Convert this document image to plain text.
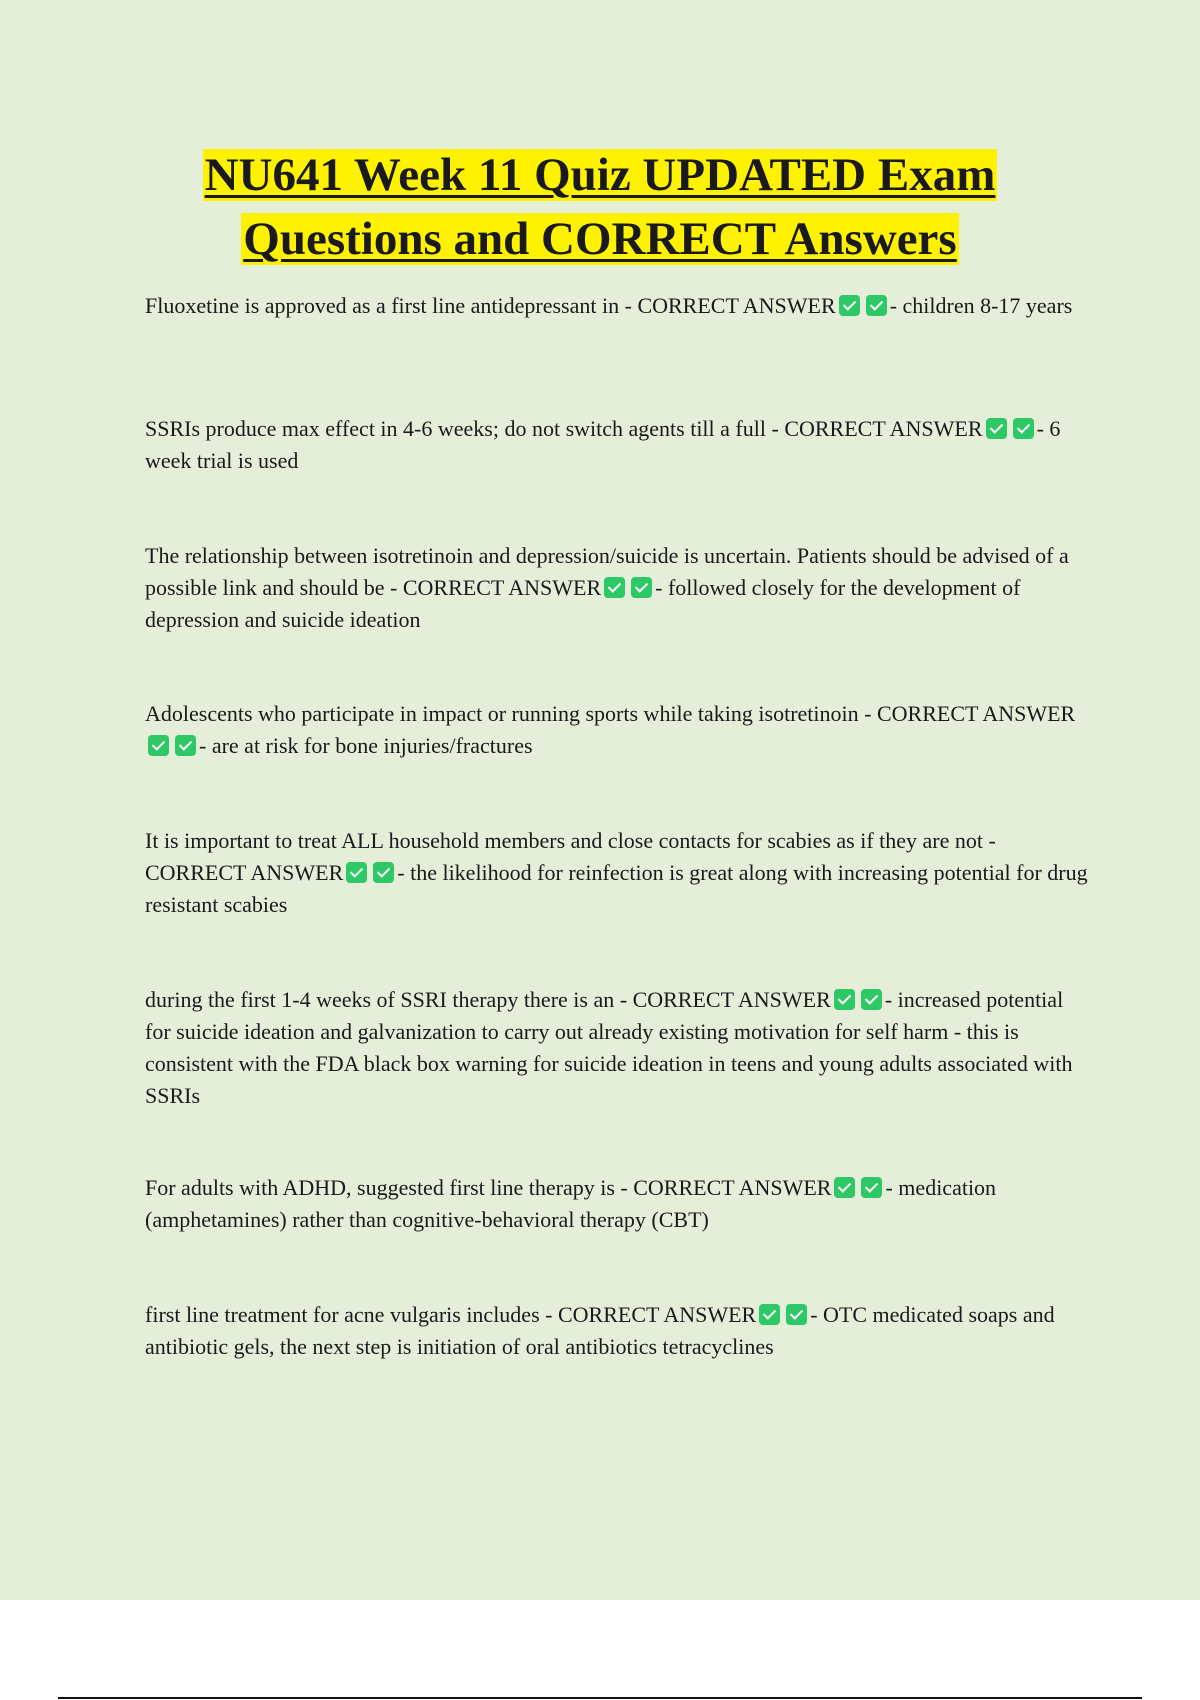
NU641 Week 11 Quiz UPDATED Exam
Questions and CORRECT Answers

Fluoxetine is approved as a first line antidepressant in - CORRECT ANSWER - children 8-17 years

SSRIs produce max effect in 4-6 weeks; do not switch agents till a full - CORRECT ANSWER - 6 week trial is used

The relationship between isotretinoin and depression/suicide is uncertain. Patients should be advised of a possible link and should be - CORRECT ANSWER - followed closely for the development of depression and suicide ideation

Adolescents who participate in impact or running sports while taking isotretinoin - CORRECT ANSWER- are at risk for bone injuries/fractures

It is important to treat ALL household members and close contacts for scabies as if they are not - CORRECT ANSWER - the likelihood for reinfection is great along with increasing potential for drug resistant scabies

during the first 1-4 weeks of SSRI therapy there is an - CORRECT ANSWER - increased potential for suicide ideation and galvanization to carry out already existing motivation for self harm - this is consistent with the FDA black box warning for suicide ideation in teens and young adults associated with SSRIs

For adults with ADHD, suggested first line therapy is - CORRECT ANSWER - medication (amphetamines) rather than cognitive-behavioral therapy (CBT)

first line treatment for acne vulgaris includes - CORRECT ANSWER - OTC medicated soaps and antibiotic gels, the next step is initiation of oral antibiotics tetracyclines
